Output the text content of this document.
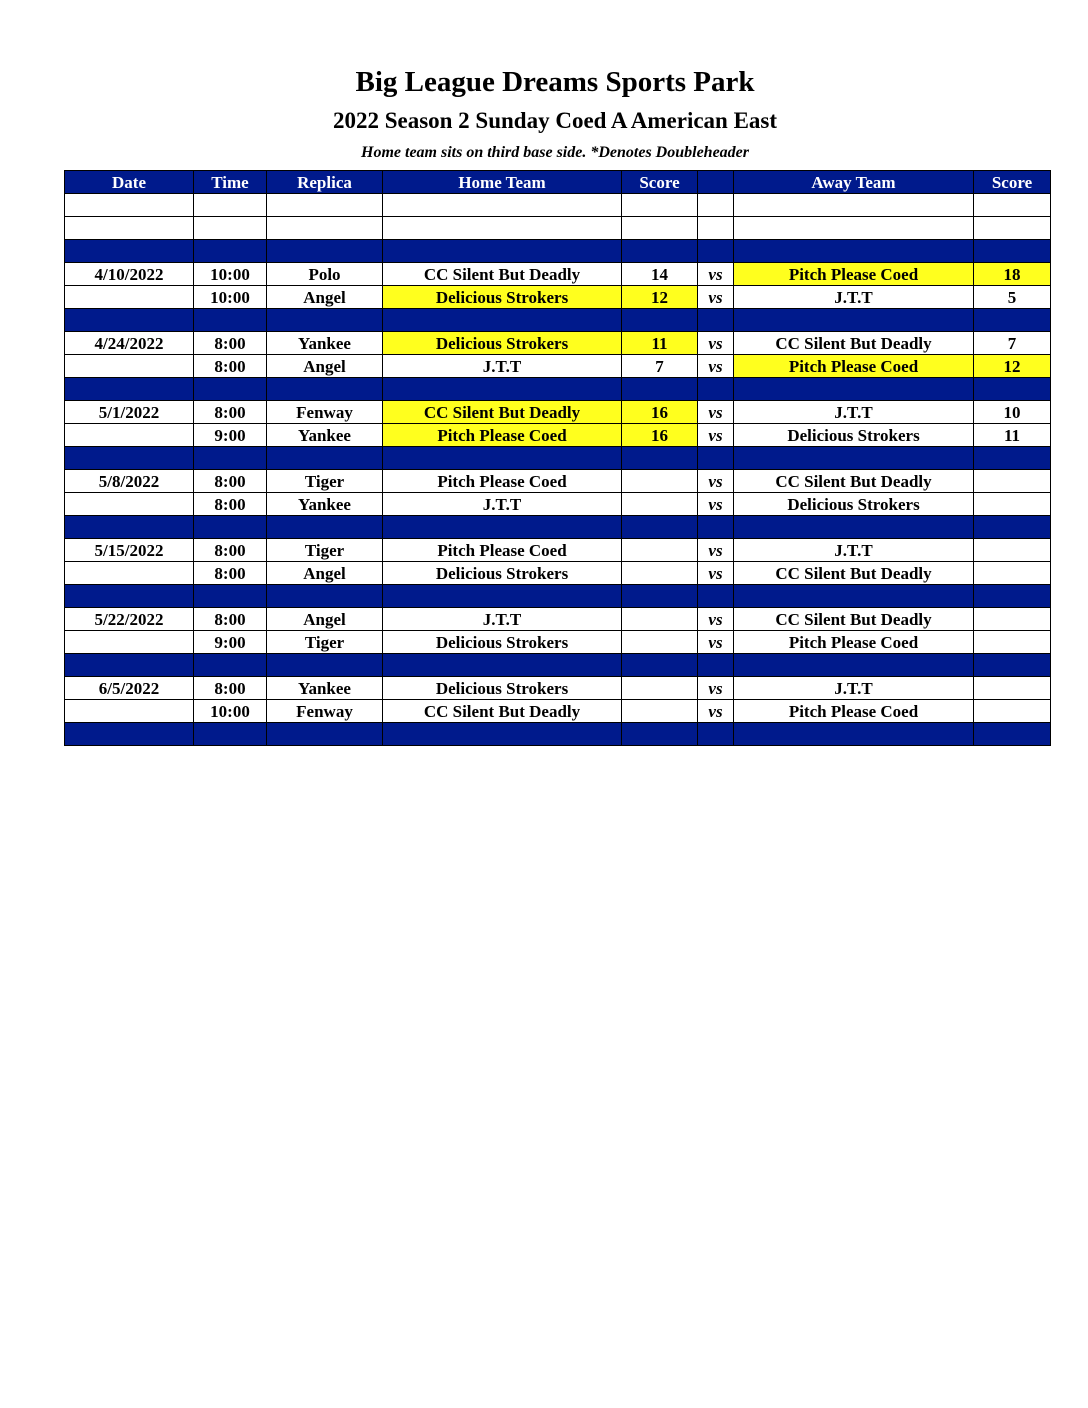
Big League Dreams Sports Park
2022 Season 2 Sunday Coed A American East
Home team sits on third base side. *Denotes Doubleheader
Date	Time	Replica	Home Team	Score		Away Team	Score

4/10/2022	10:00	Polo	CC Silent But Deadly	14	vs	Pitch Please Coed	18
	10:00	Angel	Delicious Strokers	12	vs	J.T.T	5

4/24/2022	8:00	Yankee	Delicious Strokers	11	vs	CC Silent But Deadly	7
	8:00	Angel	J.T.T	7	vs	Pitch Please Coed	12

5/1/2022	8:00	Fenway	CC Silent But Deadly	16	vs	J.T.T	10
	9:00	Yankee	Pitch Please Coed	16	vs	Delicious Strokers	11

5/8/2022	8:00	Tiger	Pitch Please Coed		vs	CC Silent But Deadly	
	8:00	Yankee	J.T.T		vs	Delicious Strokers	

5/15/2022	8:00	Tiger	Pitch Please Coed		vs	J.T.T	
	8:00	Angel	Delicious Strokers		vs	CC Silent But Deadly	

5/22/2022	8:00	Angel	J.T.T		vs	CC Silent But Deadly	
	9:00	Tiger	Delicious Strokers		vs	Pitch Please Coed	

6/5/2022	8:00	Yankee	Delicious Strokers		vs	J.T.T	
	10:00	Fenway	CC Silent But Deadly		vs	Pitch Please Coed	
